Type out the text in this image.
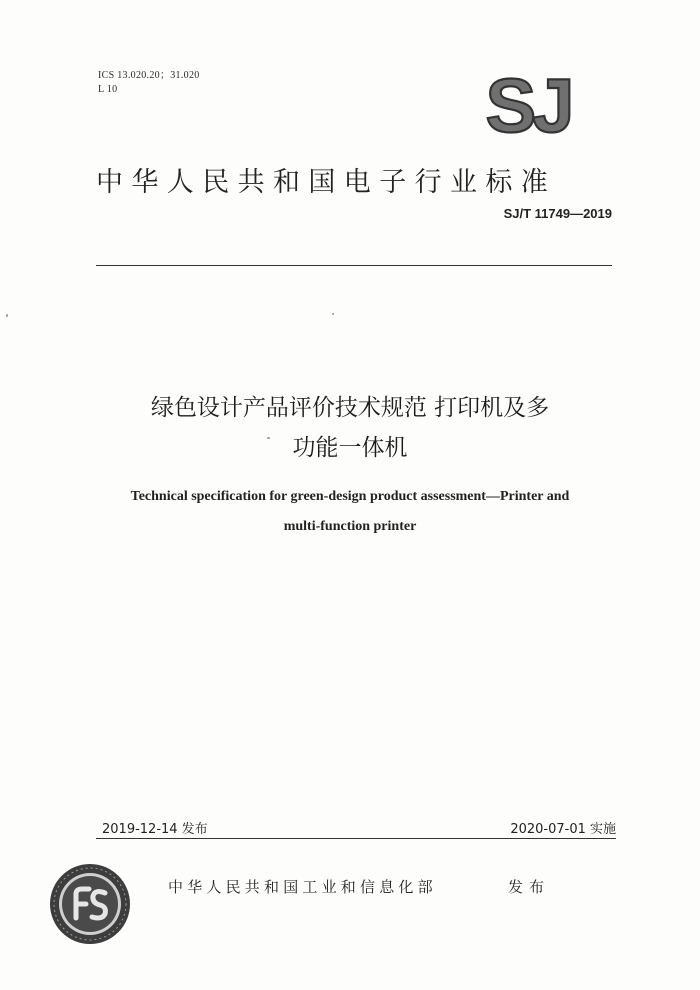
ICS 13.020.20；31.020
L 10	SJ
中华人民共和国电子行业标准
SJ/T 11749—2019
绿色设计产品评价技术规范 打印机及多
功能一体机
Technical specification for green-design product assessment—Printer and
multi-function printer
2019-12-14 发布	2020-07-01 实施
中华人民共和国工业和信息化部	发布
